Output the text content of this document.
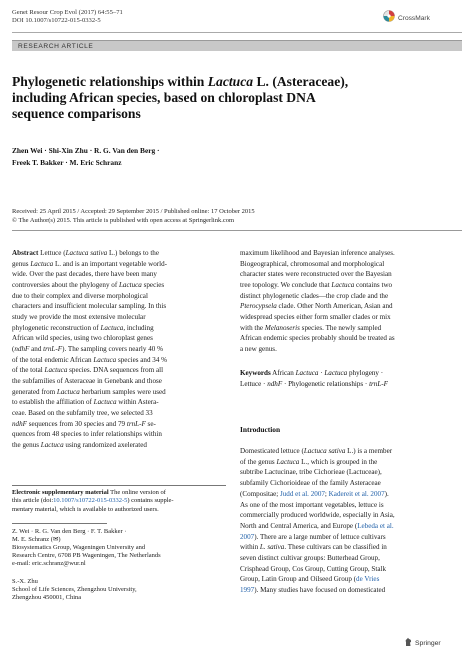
Genet Resour Crop Evol (2017) 64:55–71
DOI 10.1007/s10722-015-0332-5	CrossMark
RESEARCH ARTICLE
Phylogenetic relationships within Lactuca L. (Asteraceae),
including African species, based on chloroplast DNA
sequence comparisons
Zhen Wei · Shi-Xin Zhu · R. G. Van den Berg ·
Freek T. Bakker · M. Eric Schranz
Received: 25 April 2015 / Accepted: 29 September 2015 / Published online: 17 October 2015
© The Author(s) 2015. This article is published with open access at Springerlink.com
Abstract Lettuce (Lactuca sativa L.) belongs to the
genus Lactuca L. and is an important vegetable world-
wide. Over the past decades, there have been many
controversies about the phylogeny of Lactuca species
due to their complex and diverse morphological
characters and insufficient molecular sampling. In this
study we provide the most extensive molecular
phylogenetic reconstruction of Lactuca, including
African wild species, using two chloroplast genes
(ndhF and trnL-F). The sampling covers nearly 40 %
of the total endemic African Lactuca species and 34 %
of the total Lactuca species. DNA sequences from all
the subfamilies of Asteraceae in Genebank and those
generated from Lactuca herbarium samples were used
to establish the affiliation of Lactuca within Astera-
ceae. Based on the subfamily tree, we selected 33
ndhF sequences from 30 species and 79 trnL-F se-
quences from 48 species to infer relationships within
the genus Lactuca using randomized axelerated
Electronic supplementary material The online version of
this article (doi:10.1007/s10722-015-0332-5) contains supple-
mentary material, which is available to authorized users.
Z. Wei · R. G. Van den Berg · F. T. Bakker ·
M. E. Schranz (✉)
Biosystematics Group, Wageningen University and
Research Centre, 6708 PB Wageningen, The Netherlands
e-mail: eric.schranz@wur.nl
S.-X. Zhu
School of Life Sciences, Zhengzhou University,
Zhengzhou 450001, China
maximum likelihood and Bayesian inference analyses.
Biogeographical, chromosomal and morphological
character states were reconstructed over the Bayesian
tree topology. We conclude that Lactuca contains two
distinct phylogenetic clades—the crop clade and the
Pterocypsela clade. Other North American, Asian and
widespread species either form smaller clades or mix
with the Melanoseris species. The newly sampled
African endemic species probably should be treated as
a new genus.
Keywords African Lactuca · Lactuca phylogeny ·
Lettuce · ndhF · Phylogenetic relationships · trnL-F
Introduction
Domesticated lettuce (Lactuca sativa L.) is a member
of the genus Lactuca L., which is grouped in the
subtribe Lactucinae, tribe Cichorieae (Lactuceae),
subfamily Cichorioideae of the family Asteraceae
(Compositae; Judd et al. 2007; Kadereit et al. 2007).
As one of the most important vegetables, lettuce is
commercially produced worldwide, especially in Asia,
North and Central America, and Europe (Lebeda et al.
2007). There are a large number of lettuce cultivars
within L. sativa. These cultivars can be classified in
seven distinct cultivar groups: Butterhead Group,
Crisphead Group, Cos Group, Cutting Group, Stalk
Group, Latin Group and Oilseed Group (de Vries
1997). Many studies have focused on domesticated
Springer
